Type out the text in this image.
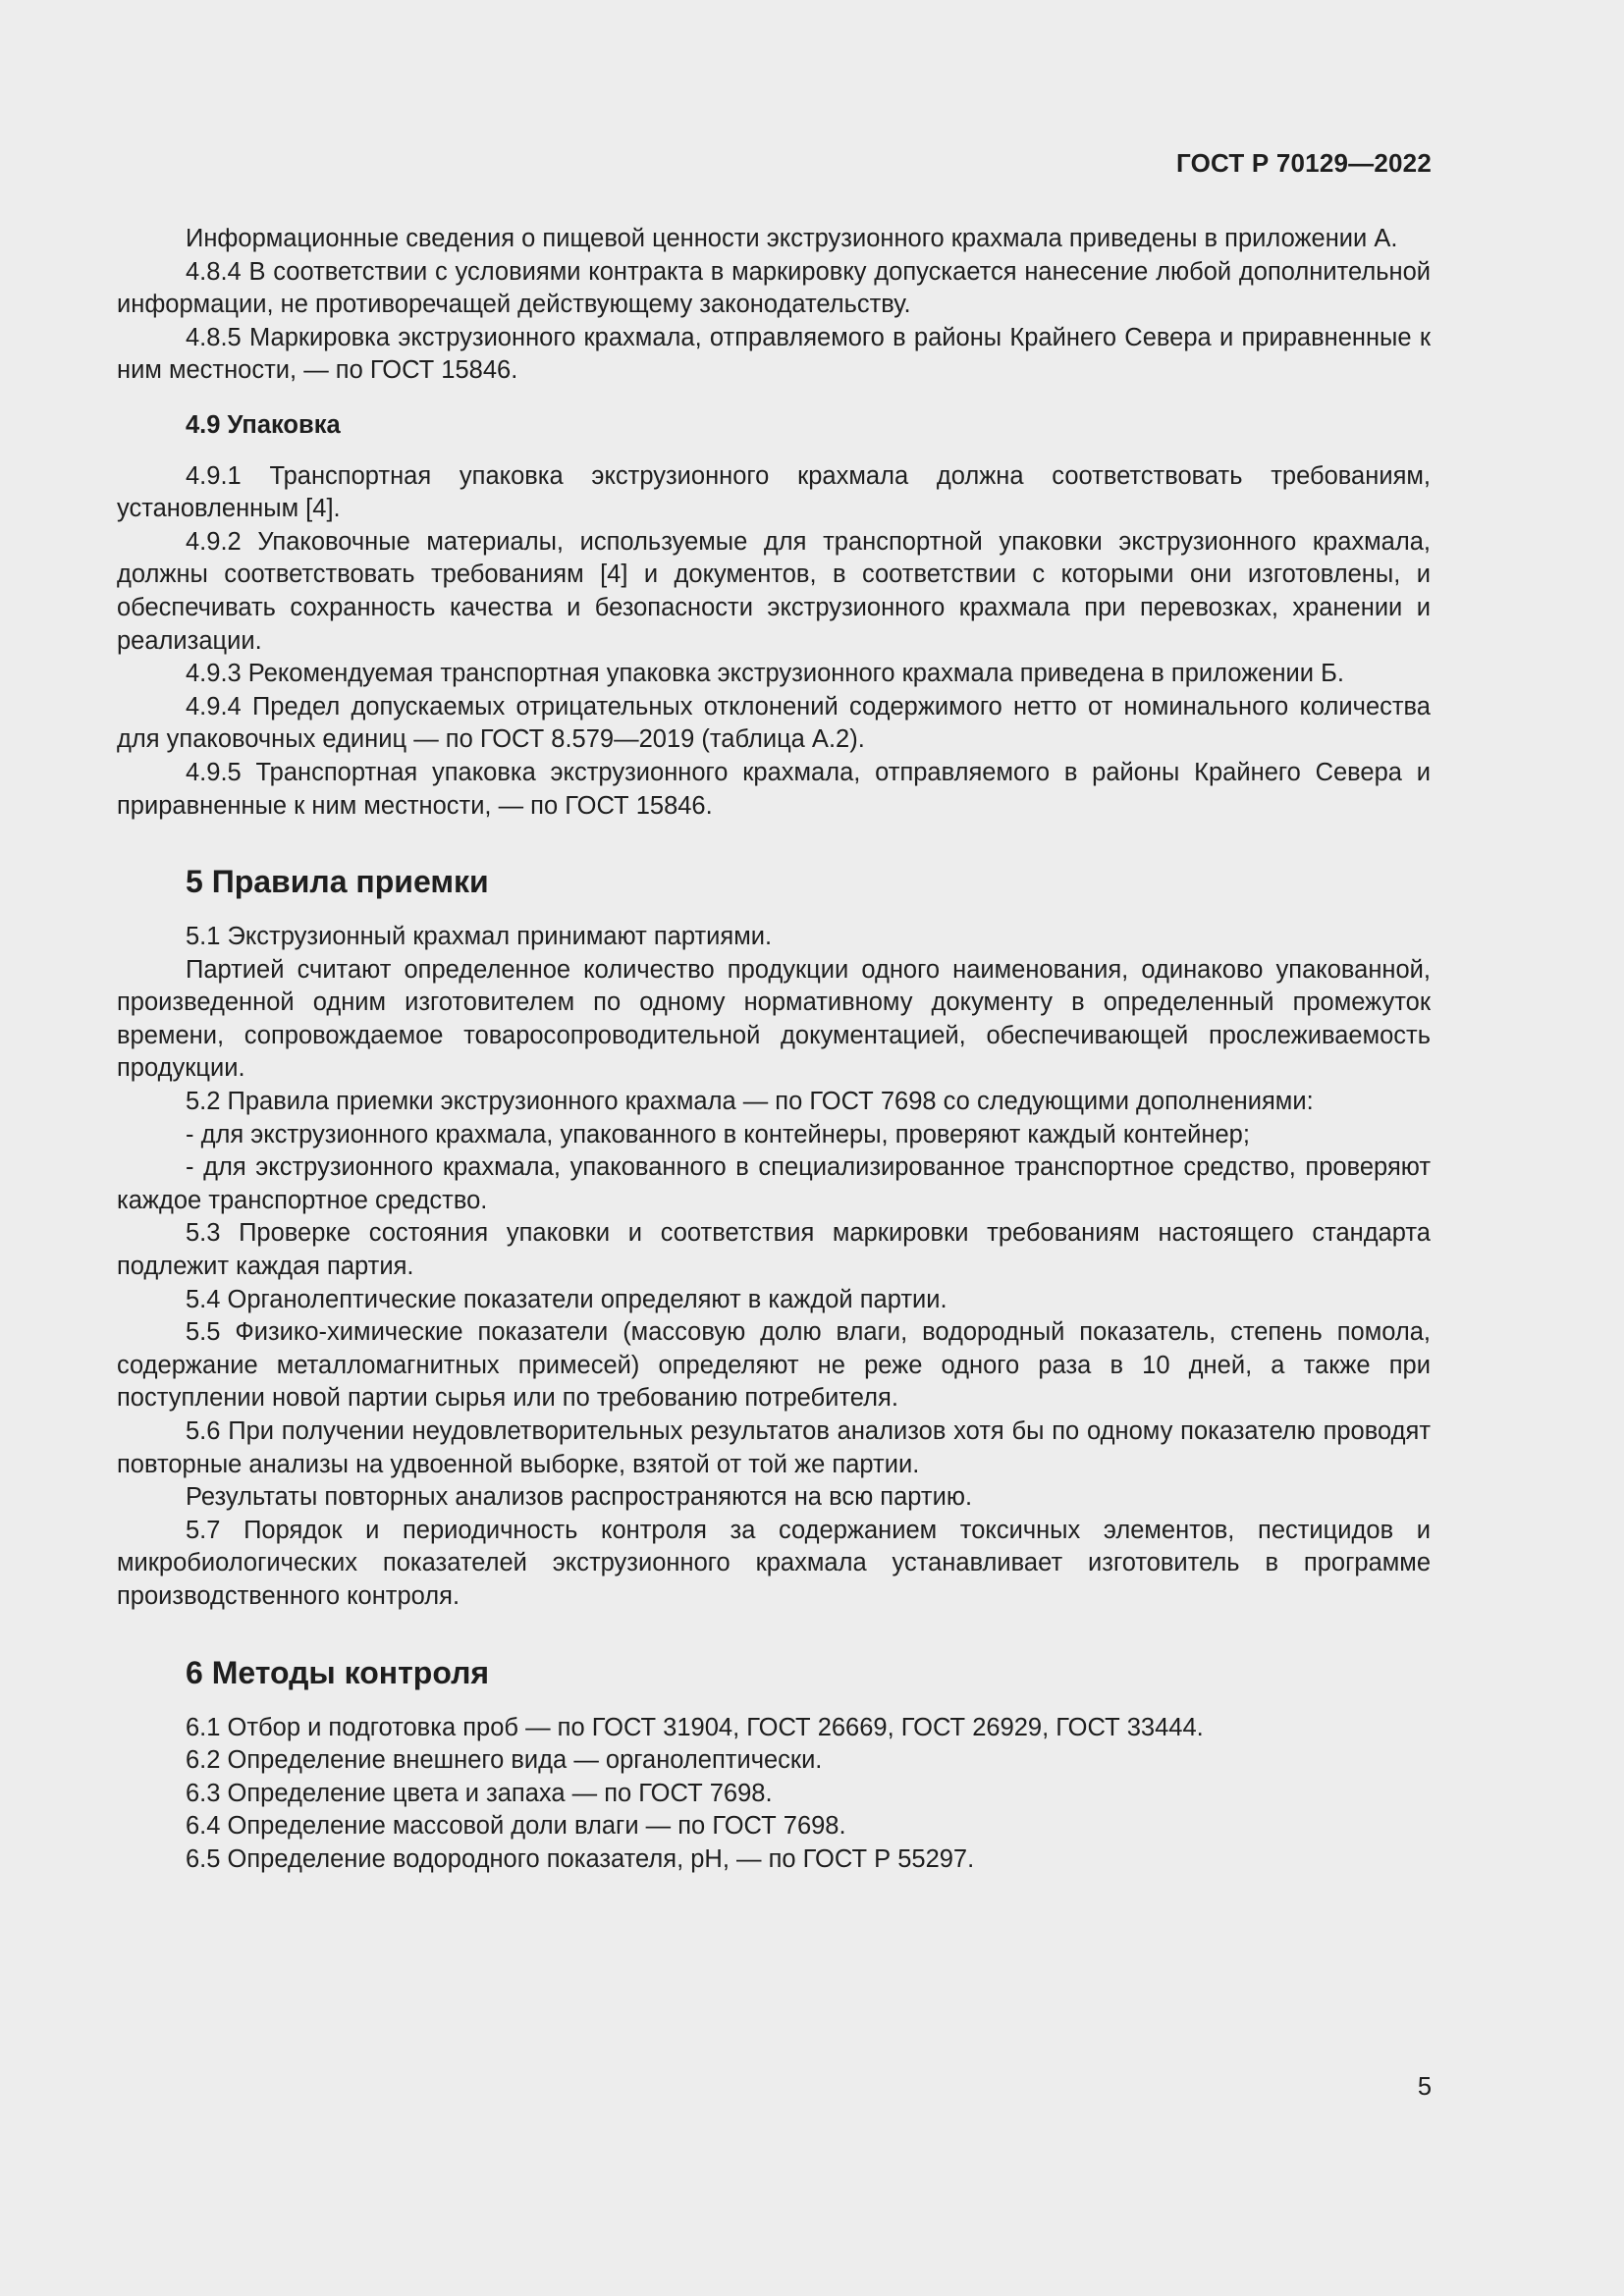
ГОСТ Р 70129—2022

Информационные сведения о пищевой ценности экструзионного крахмала приведены в приложении А.

4.8.4 В соответствии с условиями контракта в маркировку допускается нанесение любой дополнительной информации, не противоречащей действующему законодательству.

4.8.5 Маркировка экструзионного крахмала, отправляемого в районы Крайнего Севера и приравненные к ним местности, — по ГОСТ 15846.

4.9 Упаковка

4.9.1 Транспортная упаковка экструзионного крахмала должна соответствовать требованиям, установленным [4].

4.9.2 Упаковочные материалы, используемые для транспортной упаковки экструзионного крахмала, должны соответствовать требованиям [4] и документов, в соответствии с которыми они изготовлены, и обеспечивать сохранность качества и безопасности экструзионного крахмала при перевозках, хранении и реализации.

4.9.3 Рекомендуемая транспортная упаковка экструзионного крахмала приведена в приложении Б.

4.9.4 Предел допускаемых отрицательных отклонений содержимого нетто от номинального количества для упаковочных единиц — по ГОСТ 8.579—2019 (таблица А.2).

4.9.5 Транспортная упаковка экструзионного крахмала, отправляемого в районы Крайнего Севера и приравненные к ним местности, — по ГОСТ 15846.

5 Правила приемки

5.1 Экструзионный крахмал принимают партиями.

Партией считают определенное количество продукции одного наименования, одинаково упакованной, произведенной одним изготовителем по одному нормативному документу в определенный промежуток времени, сопровождаемое товаросопроводительной документацией, обеспечивающей прослеживаемость продукции.

5.2 Правила приемки экструзионного крахмала — по ГОСТ 7698 со следующими дополнениями:

- для экструзионного крахмала, упакованного в контейнеры, проверяют каждый контейнер;

- для экструзионного крахмала, упакованного в специализированное транспортное средство, проверяют каждое транспортное средство.

5.3 Проверке состояния упаковки и соответствия маркировки требованиям настоящего стандарта подлежит каждая партия.

5.4 Органолептические показатели определяют в каждой партии.

5.5 Физико-химические показатели (массовую долю влаги, водородный показатель, степень помола, содержание металломагнитных примесей) определяют не реже одного раза в 10 дней, а также при поступлении новой партии сырья или по требованию потребителя.

5.6 При получении неудовлетворительных результатов анализов хотя бы по одному показателю проводят повторные анализы на удвоенной выборке, взятой от той же партии.

Результаты повторных анализов распространяются на всю партию.

5.7 Порядок и периодичность контроля за содержанием токсичных элементов, пестицидов и микробиологических показателей экструзионного крахмала устанавливает изготовитель в программе производственного контроля.

6 Методы контроля

6.1 Отбор и подготовка проб — по ГОСТ 31904, ГОСТ 26669, ГОСТ 26929, ГОСТ 33444.

6.2 Определение внешнего вида — органолептически.

6.3 Определение цвета и запаха — по ГОСТ 7698.

6.4 Определение массовой доли влаги — по ГОСТ 7698.

6.5 Определение водородного показателя, рН, — по ГОСТ Р 55297.

5
